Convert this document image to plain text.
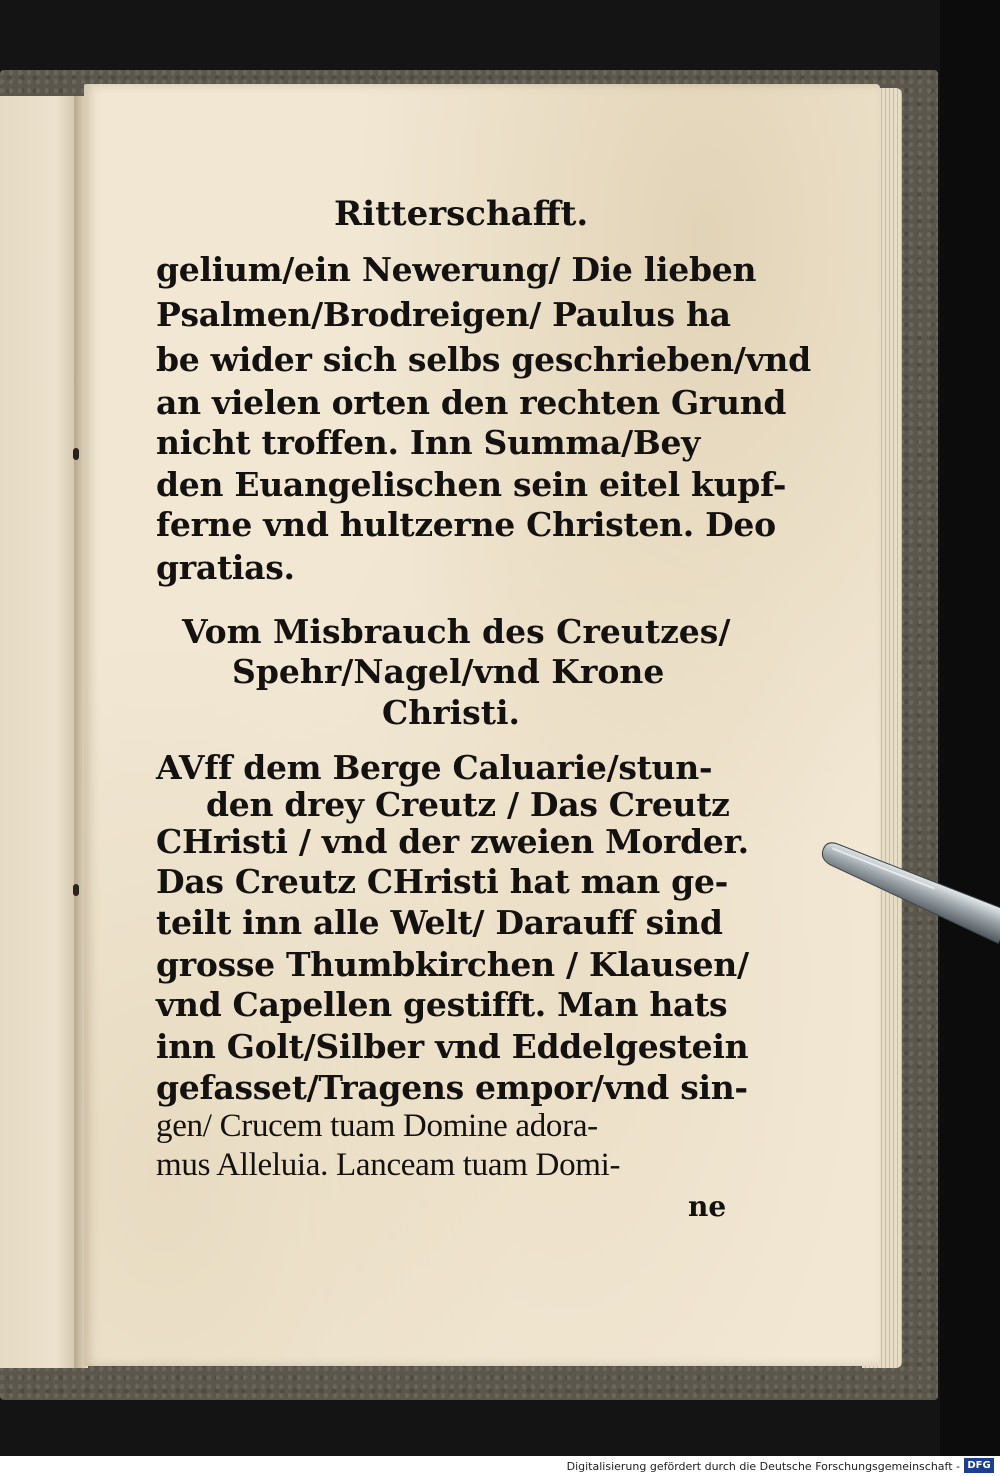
Ritterschafft.
gelium/ein Newerung/ Die lieben
Psalmen/Brodreigen/ Paulus ha
be wider sich selbs geschrieben/vnd
an vielen orten den rechten Grund
nicht troffen. Inn Summa/Bey
den Euangelischen sein eitel kupf-
ferne vnd hultzerne Christen. Deo
gratias.
Vom Misbrauch des Creutzes/
Spehr/Nagel/vnd Krone
Christi.
AVff dem Berge Caluarie/stun-
den drey Creutz / Das Creutz
CHristi / vnd der zweien Morder.
Das Creutz CHristi hat man ge-
teilt inn alle Welt/ Darauff sind
grosse Thumbkirchen / Klausen/
vnd Capellen gestifft. Man hats
inn Golt/Silber vnd Eddelgestein
gefasset/Tragens empor/vnd sin-
gen/ Crucem tuam Domine adora-
mus Alleluia. Lanceam tuam Domi-
ne
Digitalisierung gefördert durch die Deutsche Forschungsgemeinschaft - DFG
